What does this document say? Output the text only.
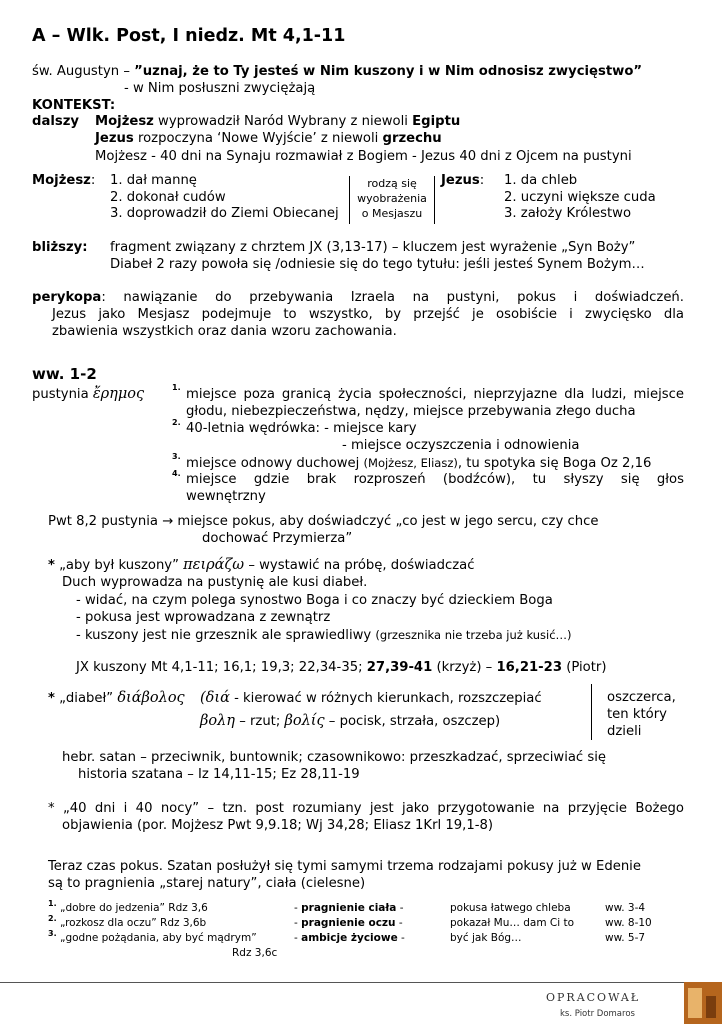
A – Wlk. Post, I niedz. Mt 4,1-11
św. Augustyn – ”uznaj, że to Ty jesteś w Nim kuszony i w Nim odnosisz zwycięstwo”
- w Nim posłuszni zwyciężają
KONTEKST:
dalszy Mojżesz wyprowadził Naród Wybrany z niewoli Egiptu
Jezus rozpoczyna ‘Nowe Wyjście’ z niewoli grzechu
Mojżesz - 40 dni na Synaju rozmawiał z Bogiem - Jezus 40 dni z Ojcem na pustyni
Mojżesz: 1. dał mannę
2. dokonał cudów
3. doprowadził do Ziemi Obiecanej
rodzą się
wyobrażenia
o Mesjaszu
Jezus: 1. da chleb
2. uczyni większe cuda
3. założy Królestwo
bliższy: fragment związany z chrztem JX (3,13-17) – kluczem jest wyrażenie „Syn Boży”
Diabeł 2 razy powoła się /odniesie się do tego tytułu: jeśli jesteś Synem Bożym…
perykopa: nawiązanie do przebywania Izraela na pustyni, pokus i doświadczeń.
Jezus jako Mesjasz podejmuje to wszystko, by przejść je osobiście i zwycięsko dla
zbawienia wszystkich oraz dania wzoru zachowania.
ww. 1-2
pustynia ἔρημος	1. miejsce poza granicą życia społeczności, nieprzyjazne dla ludzi, miejsce
głodu, niebezpieczeństwa, nędzy, miejsce przebywania złego ducha
2. 40-letnia wędrówka: - miejsce kary
- miejsce oczyszczenia i odnowienia
3. miejsce odnowy duchowej (Mojżesz, Eliasz), tu spotyka się Boga Oz 2,16
4. miejsce gdzie brak rozproszeń (bodźców), tu słyszy się głos
wewnętrzny
Pwt 8,2 pustynia → miejsce pokus, aby doświadczyć „co jest w jego sercu, czy chce
dochować Przymierza”
* „aby był kuszony” πειράζω – wystawić na próbę, doświadczać
Duch wyprowadza na pustynię ale kusi diabeł.
- widać, na czym polega synostwo Boga i co znaczy być dzieckiem Boga
- pokusa jest wprowadzana z zewnątrz
- kuszony jest nie grzesznik ale sprawiedliwy (grzesznika nie trzeba już kusić…)
JX kuszony Mt 4,1-11; 16,1; 19,3; 22,34-35; 27,39-41 (krzyż) – 16,21-23 (Piotr)
* „diabeł” διάβολος (διά - kierować w różnych kierunkach, rozszczepiać
βολη – rzut; βολίς – pocisk, strzała, oszczep)
oszczerca,
ten który
dzieli
hebr. satan – przeciwnik, buntownik; czasownikowo: przeszkadzać, sprzeciwiać się
historia szatana – Iz 14,11-15; Ez 28,11-19
* „40 dni i 40 nocy” – tzn. post rozumiany jest jako przygotowanie na przyjęcie Bożego
objawienia (por. Mojżesz Pwt 9,9.18; Wj 34,28; Eliasz 1Krl 19,1-8)
Teraz czas pokus. Szatan posłużył się tymi samymi trzema rodzajami pokusy już w Edenie
są to pragnienia „starej natury”, ciała (cielesne)
1. „dobre do jedzenia” Rdz 3,6	- pragnienie ciała -	pokusa łatwego chleba	ww. 3-4
2. „rozkosz dla oczu” Rdz 3,6b	- pragnienie oczu -	pokazał Mu… dam Ci to	ww. 8-10
3. „godne pożądania, aby być mądrym”	- ambicje życiowe -	być jak Bóg…	ww. 5-7
Rdz 3,6c
OPRACOWAŁ
ks. Piotr Domaros
